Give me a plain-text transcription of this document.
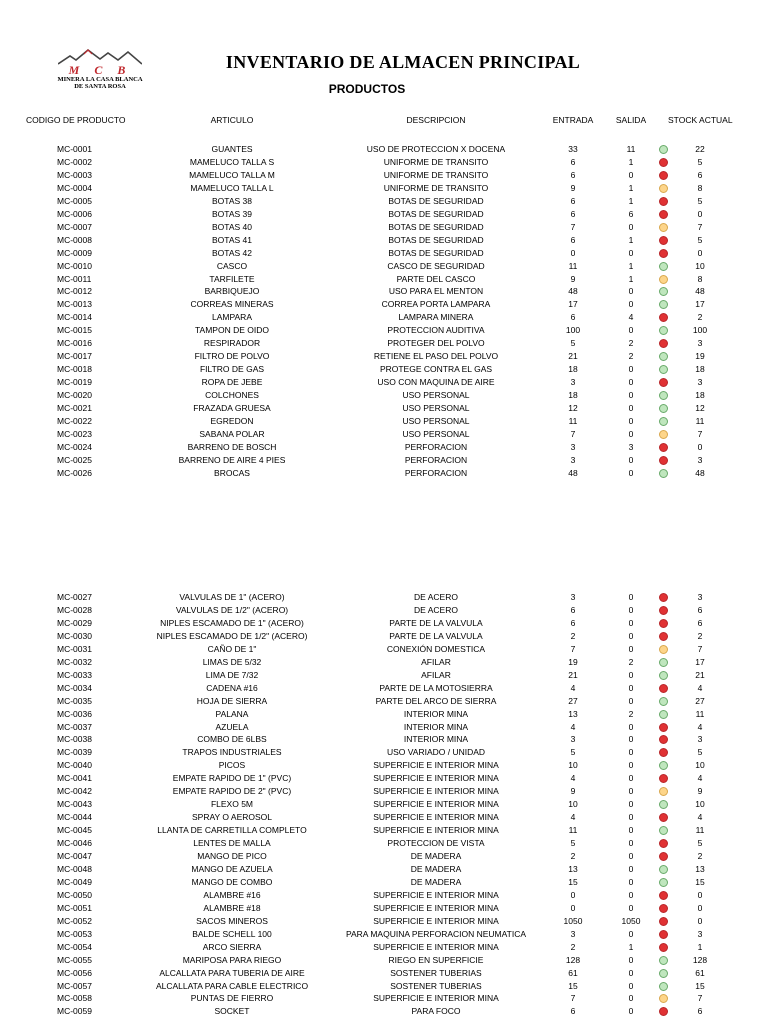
M C B
MINERA LA CASA BLANCA
DE SANTA ROSA
INVENTARIO DE ALMACEN PRINCIPAL
PRODUCTOS
CODIGO DE PRODUCTO	ARTICULO	DESCRIPCION	ENTRADA	SALIDA	STOCK ACTUAL
MC-0001	GUANTES	USO DE PROTECCION X DOCENA	33	11	22
MC-0002	MAMELUCO TALLA S	UNIFORME DE TRANSITO	6	1	5
MC-0003	MAMELUCO TALLA M	UNIFORME DE TRANSITO	6	0	6
MC-0004	MAMELUCO TALLA L	UNIFORME DE TRANSITO	9	1	8
MC-0005	BOTAS 38	BOTAS DE SEGURIDAD	6	1	5
MC-0006	BOTAS 39	BOTAS DE SEGURIDAD	6	6	0
MC-0007	BOTAS 40	BOTAS DE SEGURIDAD	7	0	7
MC-0008	BOTAS 41	BOTAS DE SEGURIDAD	6	1	5
MC-0009	BOTAS 42	BOTAS DE SEGURIDAD	0	0	0
MC-0010	CASCO	CASCO DE SEGURIDAD	11	1	10
MC-0011	TARFILETE	PARTE DEL CASCO	9	1	8
MC-0012	BARBIQUEJO	USO PARA EL MENTON	48	0	48
MC-0013	CORREAS MINERAS	CORREA PORTA LAMPARA	17	0	17
MC-0014	LAMPARA	LAMPARA MINERA	6	4	2
MC-0015	TAMPON DE OIDO	PROTECCION AUDITIVA	100	0	100
MC-0016	RESPIRADOR	PROTEGER DEL POLVO	5	2	3
MC-0017	FILTRO DE POLVO	RETIENE EL PASO DEL POLVO	21	2	19
MC-0018	FILTRO DE GAS	PROTEGE CONTRA EL GAS	18	0	18
MC-0019	ROPA DE JEBE	USO CON MAQUINA DE AIRE	3	0	3
MC-0020	COLCHONES	USO PERSONAL	18	0	18
MC-0021	FRAZADA GRUESA	USO PERSONAL	12	0	12
MC-0022	EGREDON	USO PERSONAL	11	0	11
MC-0023	SABANA POLAR	USO PERSONAL	7	0	7
MC-0024	BARRENO DE BOSCH	PERFORACION	3	3	0
MC-0025	BARRENO DE AIRE 4 PIES	PERFORACION	3	0	3
MC-0026	BROCAS	PERFORACION	48	0	48
MC-0027	VALVULAS DE 1" (ACERO)	DE ACERO	3	0	3
MC-0028	VALVULAS DE 1/2" (ACERO)	DE ACERO	6	0	6
MC-0029	NIPLES ESCAMADO DE 1" (ACERO)	PARTE DE LA VALVULA	6	0	6
MC-0030	NIPLES ESCAMADO DE 1/2" (ACERO)	PARTE DE LA VALVULA	2	0	2
MC-0031	CAÑO DE 1"	CONEXIÓN DOMESTICA	7	0	7
MC-0032	LIMAS DE 5/32	AFILAR	19	2	17
MC-0033	LIMA DE 7/32	AFILAR	21	0	21
MC-0034	CADENA #16	PARTE DE LA MOTOSIERRA	4	0	4
MC-0035	HOJA DE SIERRA	PARTE DEL ARCO DE SIERRA	27	0	27
MC-0036	PALANA	INTERIOR MINA	13	2	11
MC-0037	AZUELA	INTERIOR MINA	4	0	4
MC-0038	COMBO DE 6LBS	INTERIOR MINA	3	0	3
MC-0039	TRAPOS INDUSTRIALES	USO VARIADO / UNIDAD	5	0	5
MC-0040	PICOS	SUPERFICIE E INTERIOR MINA	10	0	10
MC-0041	EMPATE RAPIDO DE 1" (PVC)	SUPERFICIE E INTERIOR MINA	4	0	4
MC-0042	EMPATE RAPIDO DE 2" (PVC)	SUPERFICIE E INTERIOR MINA	9	0	9
MC-0043	FLEXO 5M	SUPERFICIE E INTERIOR MINA	10	0	10
MC-0044	SPRAY O AEROSOL	SUPERFICIE E INTERIOR MINA	4	0	4
MC-0045	LLANTA DE CARRETILLA COMPLETO	SUPERFICIE E INTERIOR MINA	11	0	11
MC-0046	LENTES DE MALLA	PROTECCION DE VISTA	5	0	5
MC-0047	MANGO DE PICO	DE MADERA	2	0	2
MC-0048	MANGO DE AZUELA	DE MADERA	13	0	13
MC-0049	MANGO DE COMBO	DE MADERA	15	0	15
MC-0050	ALAMBRE #16	SUPERFICIE E INTERIOR MINA	0	0	0
MC-0051	ALAMBRE #18	SUPERFICIE E INTERIOR MINA	0	0	0
MC-0052	SACOS MINEROS	SUPERFICIE E INTERIOR MINA	1050	1050	0
MC-0053	BALDE SCHELL 100	PARA MAQUINA PERFORACION NEUMATICA	3	0	3
MC-0054	ARCO SIERRA	SUPERFICIE E INTERIOR MINA	2	1	1
MC-0055	MARIPOSA PARA RIEGO	RIEGO EN SUPERFICIE	128	0	128
MC-0056	ALCALLATA PARA TUBERIA DE AIRE	SOSTENER TUBERIAS	61	0	61
MC-0057	ALCALLATA PARA CABLE ELECTRICO	SOSTENER TUBERIAS	15	0	15
MC-0058	PUNTAS DE FIERRO	SUPERFICIE E INTERIOR MINA	7	0	7
MC-0059	SOCKET	PARA FOCO	6	0	6
